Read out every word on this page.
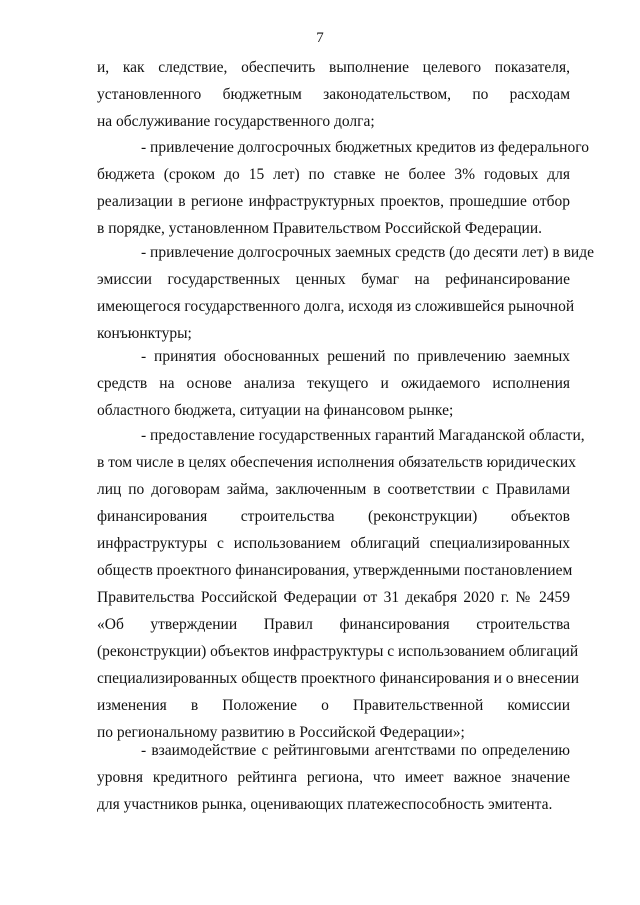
7
и, как следствие, обеспечить выполнение целевого показателя,
установленного бюджетным законодательством, по расходам
на обслуживание государственного долга;
- привлечение долгосрочных бюджетных кредитов из федерального
бюджета (сроком до 15 лет) по ставке не более 3% годовых для
реализации в регионе инфраструктурных проектов, прошедшие отбор
в порядке, установленном Правительством Российской Федерации.
- привлечение долгосрочных заемных средств (до десяти лет) в виде
эмиссии государственных ценных бумаг на рефинансирование
имеющегося государственного долга, исходя из сложившейся рыночной
конъюнктуры;
- принятия обоснованных решений по привлечению заемных
средств на основе анализа текущего и ожидаемого исполнения
областного бюджета, ситуации на финансовом рынке;
- предоставление государственных гарантий Магаданской области,
в том числе в целях обеспечения исполнения обязательств юридических
лиц по договорам займа, заключенным в соответствии с Правилами
финансирования строительства (реконструкции) объектов
инфраструктуры с использованием облигаций специализированных
обществ проектного финансирования, утвержденными постановлением
Правительства Российской Федерации от 31 декабря 2020 г. № 2459
«Об утверждении Правил финансирования строительства
(реконструкции) объектов инфраструктуры с использованием облигаций
специализированных обществ проектного финансирования и о внесении
изменения в Положение о Правительственной комиссии
по региональному развитию в Российской Федерации»;
- взаимодействие с рейтинговыми агентствами по определению
уровня кредитного рейтинга региона, что имеет важное значение
для участников рынка, оценивающих платежеспособность эмитента.
